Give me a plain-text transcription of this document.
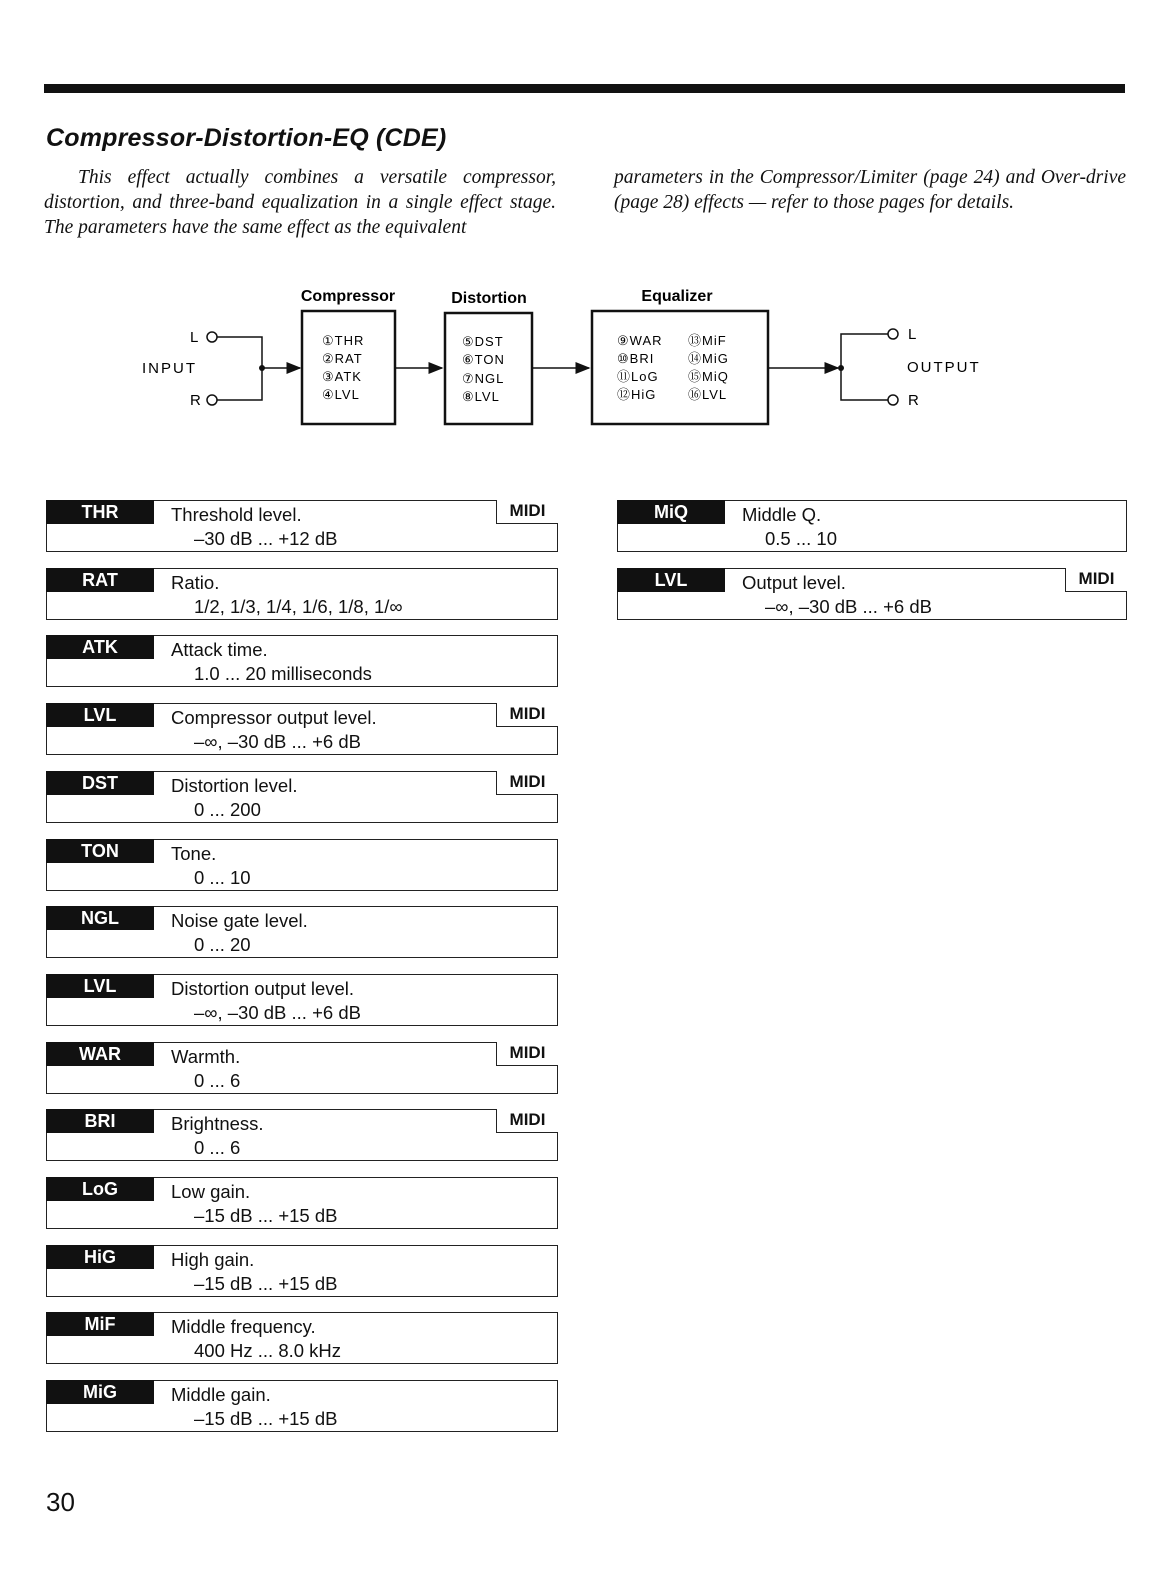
Compressor-Distortion-EQ (CDE)
This effect actually combines a versatile compressor, distortion, and three-band equalization in a single effect stage. The parameters have the same effect as the equivalent
parameters in the Compressor/Limiter (page 24) and Over-drive (page 28) effects — refer to those pages for details.
L
INPUT
R
Compressor
①THR
②RAT
③ATK
④LVL
Distortion
⑤DST
⑥TON
⑦NGL
⑧LVL
Equalizer
⑨WAR
⑩BRI
⑪LoG
⑫HiG
⑬MiF
⑭MiG
⑮MiQ
⑯LVL
L
OUTPUT
R
THR	Threshold level.
–30 dB ... +12 dB
MIDI
RAT	Ratio.
1/2, 1/3, 1/4, 1/6, 1/8, 1/∞
ATK	Attack time.
1.0 ... 20 milliseconds
LVL	Compressor output level.
–∞, –30 dB ... +6 dB
MIDI
DST	Distortion level.
0 ... 200
MIDI
TON	Tone.
0 ... 10
NGL	Noise gate level.
0 ... 20
LVL	Distortion output level.
–∞, –30 dB ... +6 dB
WAR	Warmth.
0 ... 6
MIDI
BRI	Brightness.
0 ... 6
MIDI
LoG	Low gain.
–15 dB ... +15 dB
HiG	High gain.
–15 dB ... +15 dB
MiF	Middle frequency.
400 Hz ... 8.0 kHz
MiG	Middle gain.
–15 dB ... +15 dB
MiQ	Middle Q.
0.5 ... 10
LVL	Output level.
–∞, –30 dB ... +6 dB
MIDI
30
